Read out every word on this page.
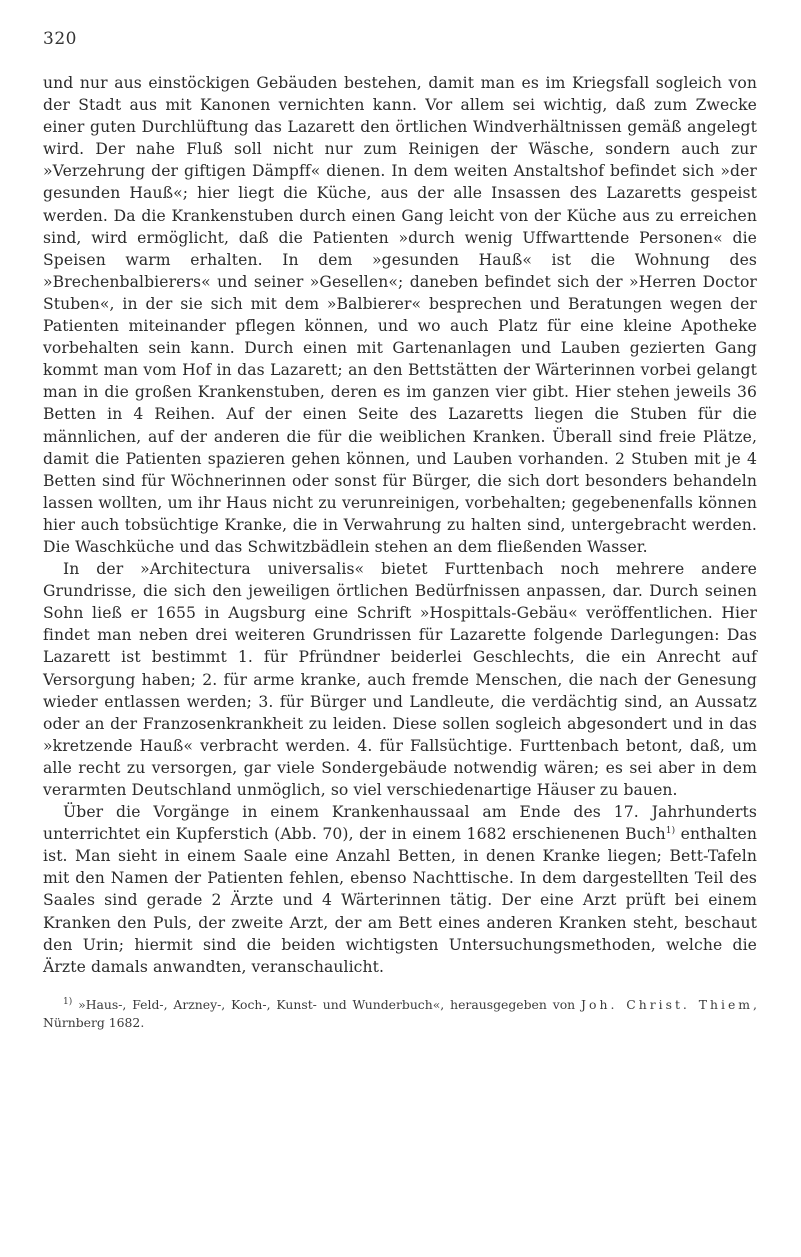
320

und nur aus einstöckigen Gebäuden bestehen, damit man es im Kriegsfall sogleich von der Stadt aus mit Kanonen vernichten kann. Vor allem sei wichtig, daß zum Zwecke einer guten Durchlüftung das Lazarett den örtlichen Windverhältnissen gemäß angelegt wird. Der nahe Fluß soll nicht nur zum Reinigen der Wäsche, sondern auch zur »Verzehrung der giftigen Dämpff« dienen. In dem weiten Anstaltshof befindet sich »der gesunden Hauß«; hier liegt die Küche, aus der alle Insassen des Lazaretts gespeist werden. Da die Krankenstuben durch einen Gang leicht von der Küche aus zu erreichen sind, wird ermöglicht, daß die Patienten »durch wenig Uffwarttende Personen« die Speisen warm erhalten. In dem »gesunden Hauß« ist die Wohnung des »Brechenbalbierers« und seiner »Gesellen«; daneben befindet sich der »Herren Doctor Stuben«, in der sie sich mit dem »Balbierer« besprechen und Beratungen wegen der Patienten miteinander pflegen können, und wo auch Platz für eine kleine Apotheke vorbehalten sein kann. Durch einen mit Gartenanlagen und Lauben gezierten Gang kommt man vom Hof in das Lazarett; an den Bettstätten der Wärterinnen vorbei gelangt man in die großen Krankenstuben, deren es im ganzen vier gibt. Hier stehen jeweils 36 Betten in 4 Reihen. Auf der einen Seite des Lazaretts liegen die Stuben für die männlichen, auf der anderen die für die weiblichen Kranken. Überall sind freie Plätze, damit die Patienten spazieren gehen können, und Lauben vorhanden. 2 Stuben mit je 4 Betten sind für Wöchnerinnen oder sonst für Bürger, die sich dort besonders behandeln lassen wollten, um ihr Haus nicht zu verunreinigen, vorbehalten; gegebenenfalls können hier auch tobsüchtige Kranke, die in Verwahrung zu halten sind, untergebracht werden. Die Waschküche und das Schwitzbädlein stehen an dem fließenden Wasser.

In der »Architectura universalis« bietet Furttenbach noch mehrere andere Grundrisse, die sich den jeweiligen örtlichen Bedürfnissen anpassen, dar. Durch seinen Sohn ließ er 1655 in Augsburg eine Schrift »Hospittals-Gebäu« veröffentlichen. Hier findet man neben drei weiteren Grundrissen für Lazarette folgende Darlegungen: Das Lazarett ist bestimmt 1. für Pfründner beiderlei Geschlechts, die ein Anrecht auf Versorgung haben; 2. für arme kranke, auch fremde Menschen, die nach der Genesung wieder entlassen werden; 3. für Bürger und Landleute, die verdächtig sind, an Aussatz oder an der Franzosenkrankheit zu leiden. Diese sollen sogleich abgesondert und in das »kretzende Hauß« verbracht werden. 4. für Fallsüchtige. Furttenbach betont, daß, um alle recht zu versorgen, gar viele Sondergebäude notwendig wären; es sei aber in dem verarmten Deutschland unmöglich, so viel verschiedenartige Häuser zu bauen.

Über die Vorgänge in einem Krankenhaussaal am Ende des 17. Jahrhunderts unterrichtet ein Kupferstich (Abb. 70), der in einem 1682 erschienenen Buch$^{1)}$ enthalten ist. Man sieht in einem Saale eine Anzahl Betten, in denen Kranke liegen; Bett-Tafeln mit den Namen der Patienten fehlen, ebenso Nachttische. In dem dargestellten Teil des Saales sind gerade 2 Ärzte und 4 Wärterinnen tätig. Der eine Arzt prüft bei einem Kranken den Puls, der zweite Arzt, der am Bett eines anderen Kranken steht, beschaut den Urin; hiermit sind die beiden wichtigsten Untersuchungsmethoden, welche die Ärzte damals anwandten, veranschaulicht.

$^{1)}$ »Haus-, Feld-, Arzney-, Koch-, Kunst- und Wunderbuch«, herausgegeben von Joh. Christ. Thiem, Nürnberg 1682.
